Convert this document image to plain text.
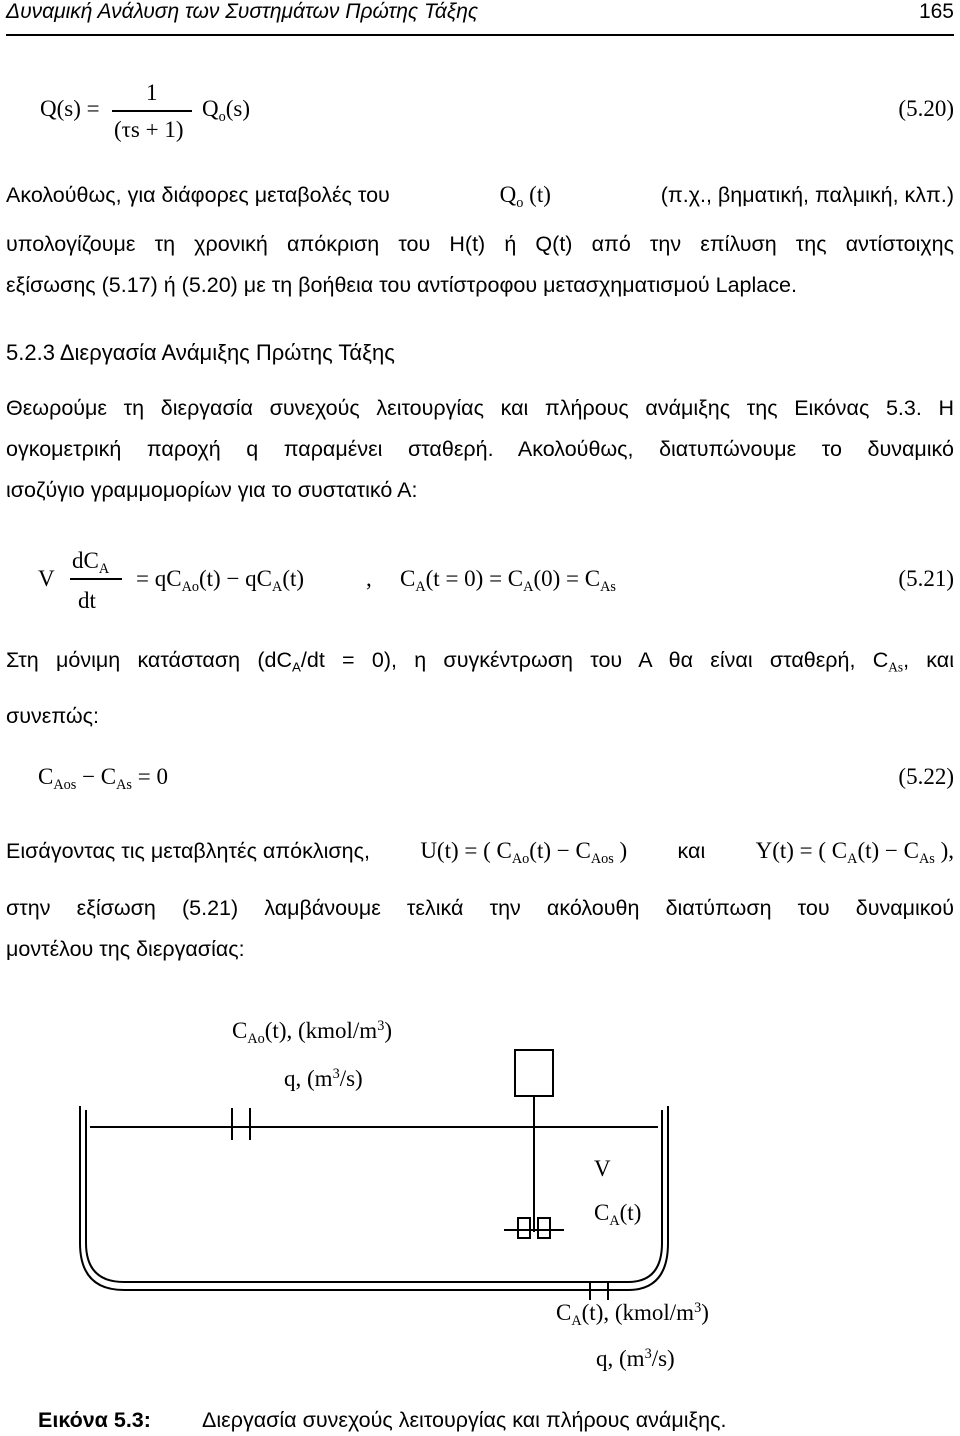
Δυναμική Ανάλυση των Συστημάτων Πρώτης Τάξης	165
Q(s) =
1
(τs + 1)
$Q_o(s)$	(5.20)
Ακολούθως, για διάφορες μεταβολές του	$Q_o$ (t)	(π.χ., βηματική, παλμική, κλπ.)
υπολογίζουμε τη χρονική απόκριση του H(t) ή Q(t) από την επίλυση της αντίστοιχης
εξίσωσης (5.17) ή (5.20) με τη βοήθεια του αντίστροφου μετασχηματισμού Laplace.
5.2.3 Διεργασία Ανάμιξης Πρώτης Τάξης
Θεωρούμε τη διεργασία συνεχούς λειτουργίας και πλήρους ανάμιξης της Εικόνας 5.3. Η
ογκομετρική παροχή q παραμένει σταθερή. Ακολούθως, διατυπώνουμε το δυναμικό
ισοζύγιο γραμμομορίων για το συστατικό Α:
V
$dC_A$
dt
= $qC_{Ao}(t) - qC_A(t)$	, $C_A(t = 0) = C_A(0) = C_{As}$	(5.21)
Στη μόνιμη κατάσταση $(dC_A/dt = 0)$, η συγκέντρωση του Α θα είναι σταθερή, $C_{As}$, και
συνεπώς:
$C_{Aos} - C_{As} = 0$	(5.22)
Εισάγοντας τις μεταβλητές απόκλισης, U(t) = ( $C_{Ao}(t) - C_{Aos}$ ) και Y(t) = ( $C_A(t) - C_{As}$ ),
στην εξίσωση (5.21) λαμβάνουμε τελικά την ακόλουθη διατύπωση του δυναμικού
μοντέλου της διεργασίας:
$C_{Ao}(t)$, $(kmol/m^3)$
q, $(m^3/s)$
V
$C_A(t)$
$C_A(t)$, $(kmol/m^3)$
q, $(m^3/s)$
Εικόνα 5.3: Διεργασία συνεχούς λειτουργίας και πλήρους ανάμιξης.
